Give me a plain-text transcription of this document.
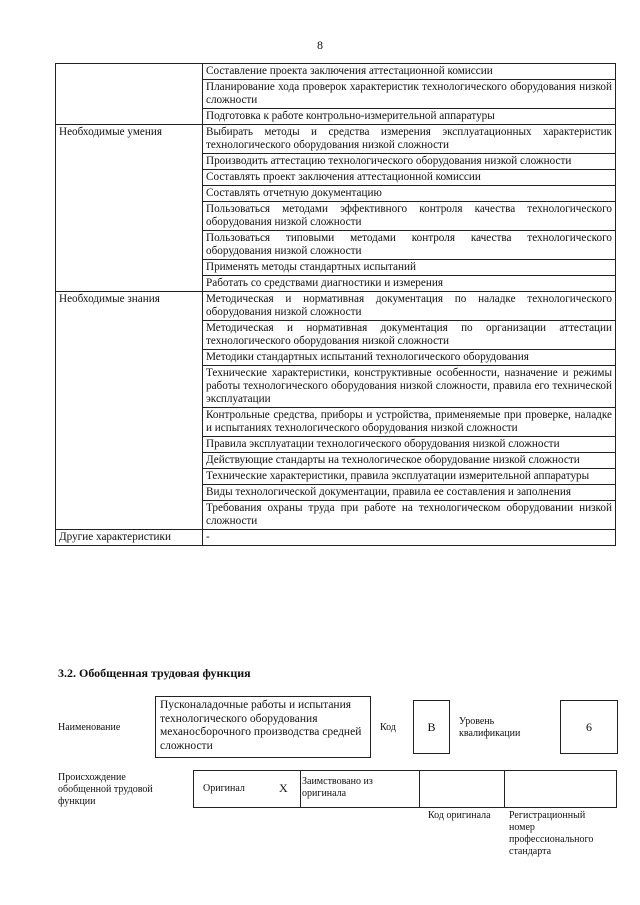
8
	Составление проекта заключения аттестационной комиссии
	Планирование хода проверок характеристик технологического оборудования низкой сложности
	Подготовка к работе контрольно-измерительной аппаратуры
Необходимые умения	Выбирать методы и средства измерения эксплуатационных характеристик технологического оборудования низкой сложности
	Производить аттестацию технологического оборудования низкой сложности
	Составлять проект заключения аттестационной комиссии
	Составлять отчетную документацию
	Пользоваться методами эффективного контроля качества технологического оборудования низкой сложности
	Пользоваться типовыми методами контроля качества технологического оборудования низкой сложности
	Применять методы стандартных испытаний
	Работать со средствами диагностики и измерения
Необходимые знания	Методическая и нормативная документация по наладке технологического оборудования низкой сложности
	Методическая и нормативная документация по организации аттестации технологического оборудования низкой сложности
	Методики стандартных испытаний технологического оборудования
	Технические характеристики, конструктивные особенности, назначение и режимы работы технологического оборудования низкой сложности, правила его технической эксплуатации
	Контрольные средства, приборы и устройства, применяемые при проверке, наладке и испытаниях технологического оборудования низкой сложности
	Правила эксплуатации технологического оборудования низкой сложности
	Действующие стандарты на технологическое оборудование низкой сложности
	Технические характеристики, правила эксплуатации измерительной аппаратуры
	Виды технологической документации, правила ее составления и заполнения
	Требования охраны труда при работе на технологическом оборудовании низкой сложности
Другие характеристики	-
3.2. Обобщенная трудовая функция
Наименование
Пусконаладочные работы и испытания технологического оборудования механосборочного производства средней сложности
Код	B	Уровень квалификации	6
Происхождение обобщенной трудовой функции
Оригинал	X Заимствовано из оригинала
Код оригинала Регистрационный номер профессионального стандарта
